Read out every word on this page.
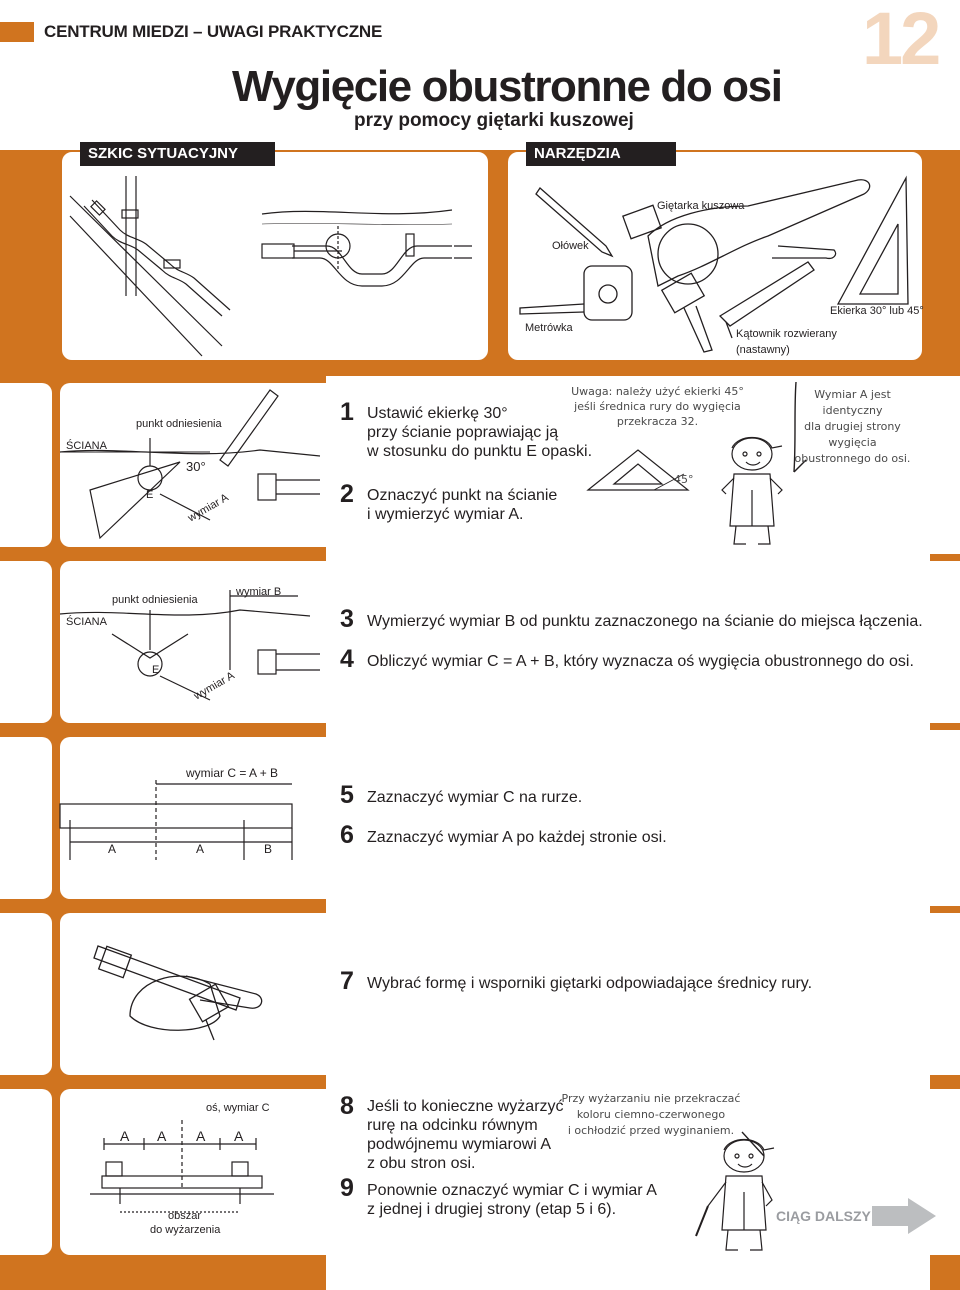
CENTRUM MIEDZI – UWAGI PRAKTYCZNE	12
Wygięcie obustronne do osi
przy pomocy giętarki kuszowej
SZKIC SYTUACYJNY	NARZĘDZIA
Giętarka kuszowa
Ołówek
Metrówka	Kątownik rozwierany
(nastawny)
Ekierka 30° lub 45°
ŚCIANA
punkt odniesienia
30°
E	wymiar A
1 Ustawić ekierkę 30°
przy ścianie poprawiając ją
w stosunku do punktu E opaski.
2 Oznaczyć punkt na ścianie
i wymierzyć wymiar A.
Uwaga: należy użyć ekierki 45°
jeśli średnica rury do wygięcia
przekracza 32.
45°
Wymiar A jest
identyczny
dla drugiej strony
wygięcia
obustronnego do osi.
punkt odniesienia
ŚCIANA
wymiar B
E	wymiar A
3 Wymierzyć wymiar B od punktu zaznaczonego na ścianie do miejsca łączenia.
4 Obliczyć wymiar C = A + B, który wyznacza oś wygięcia obustronnego do osi.
wymiar C = A + B
A	A	B
5 Zaznaczyć wymiar C na rurze.
6 Zaznaczyć wymiar A po każdej stronie osi.
7 Wybrać formę i wsporniki giętarki odpowiadające średnicy rury.
oś, wymiar C
A A A A
obszar
do wyżarzenia
8 Jeśli to konieczne wyżarzyć
rurę na odcinku równym
podwójnemu wymiarowi A
z obu stron osi.
9 Ponownie oznaczyć wymiar C i wymiar A
z jednej i drugiej strony (etap 5 i 6).
Przy wyżarzaniu nie przekraczać
koloru ciemno-czerwonego
i ochłodzić przed wyginaniem.
CIĄG DALSZY
